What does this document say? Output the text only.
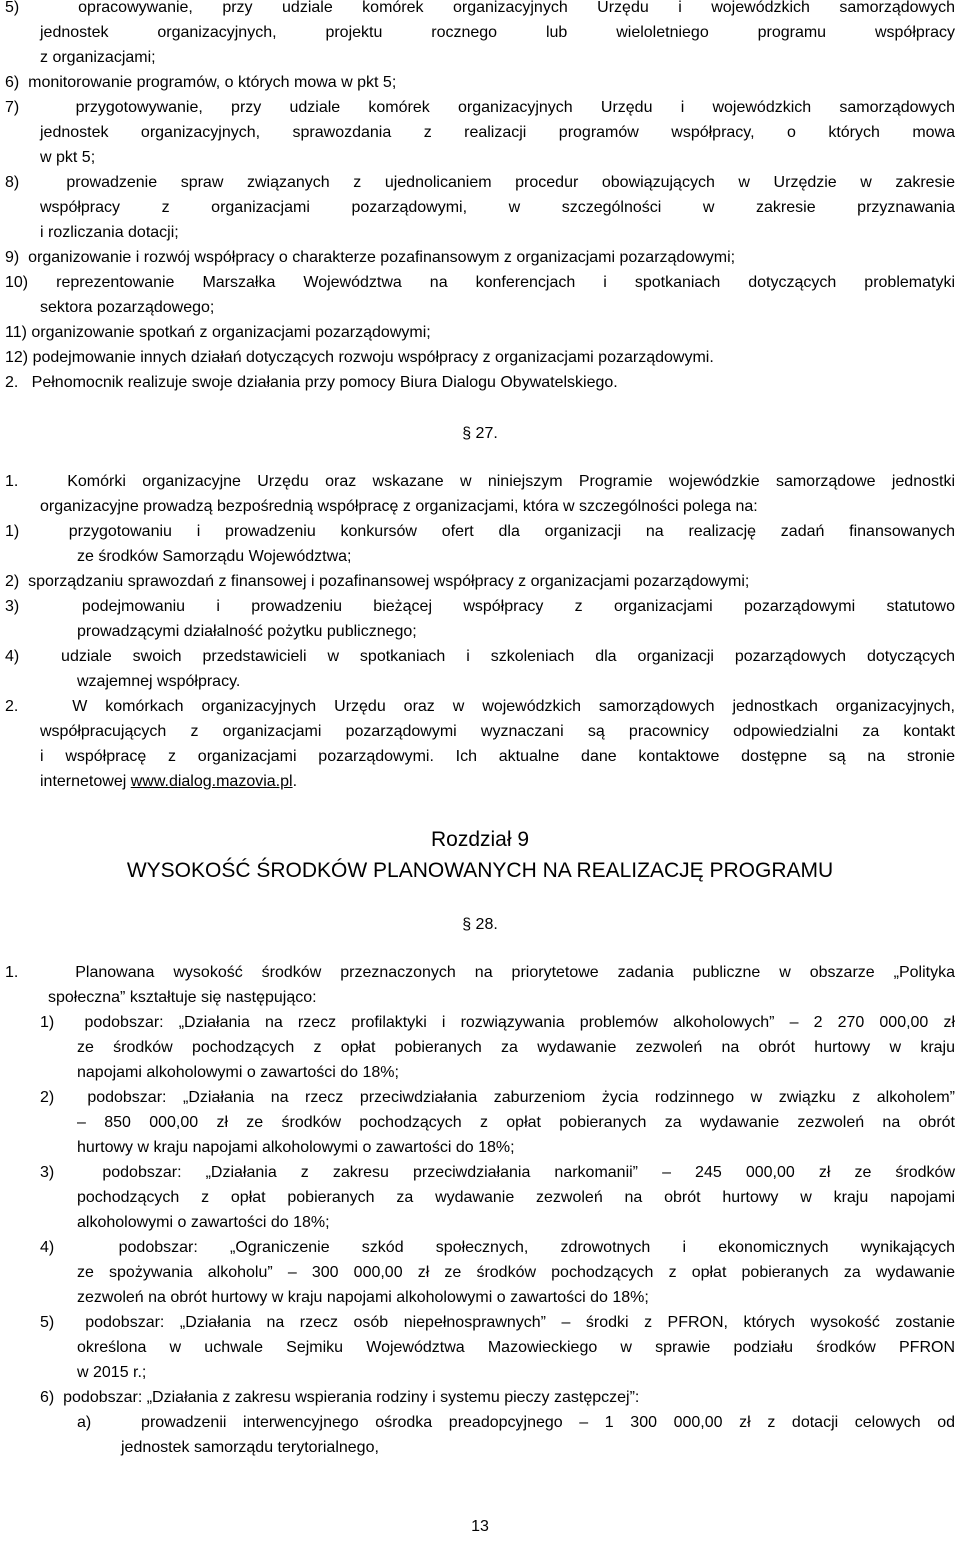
5)  opracowywanie, przy udziale komórek organizacyjnych Urzędu i wojewódzkich samorządowych
jednostek organizacyjnych, projektu rocznego lub wieloletniego programu współpracy
z organizacjami;
6)  monitorowanie programów, o których mowa w pkt 5;
7)  przygotowywanie, przy udziale komórek organizacyjnych Urzędu i wojewódzkich samorządowych
jednostek organizacyjnych, sprawozdania z realizacji programów współpracy, o których mowa
w pkt 5;
8)  prowadzenie spraw związanych z ujednolicaniem procedur obowiązujących w Urzędzie w zakresie
współpracy z organizacjami pozarządowymi, w szczególności w zakresie przyznawania
i rozliczania dotacji;
9)  organizowanie i rozwój współpracy o charakterze pozafinansowym z organizacjami pozarządowymi;
10) reprezentowanie Marszałka Województwa na konferencjach i spotkaniach dotyczących problematyki
sektora pozarządowego;
11) organizowanie spotkań z organizacjami pozarządowymi;
12) podejmowanie innych działań dotyczących rozwoju współpracy z organizacjami pozarządowymi.
2.   Pełnomocnik realizuje swoje działania przy pomocy Biura Dialogu Obywatelskiego.
§ 27.
1.   Komórki organizacyjne Urzędu oraz wskazane w niniejszym Programie wojewódzkie samorządowe jednostki
organizacyjne prowadzą bezpośrednią współpracę z organizacjami, która w szczególności polega na:
1)  przygotowaniu i prowadzeniu konkursów ofert dla organizacji na realizację zadań finansowanych
ze środków Samorządu Województwa;
2)  sporządzaniu sprawozdań z finansowej i pozafinansowej współpracy z organizacjami pozarządowymi;
3)  podejmowaniu i prowadzeniu bieżącej współpracy z organizacjami pozarządowymi statutowo
prowadzącymi działalność pożytku publicznego;
4)  udziale swoich przedstawicieli w spotkaniach i szkoleniach dla organizacji pozarządowych dotyczących
wzajemnej współpracy.
2.   W komórkach organizacyjnych Urzędu oraz w wojewódzkich samorządowych jednostkach organizacyjnych,
współpracujących z organizacjami pozarządowymi wyznaczani są pracownicy odpowiedzialni za kontakt
i współpracę z organizacjami pozarządowymi. Ich aktualne dane kontaktowe dostępne są na stronie
internetowej www.dialog.mazovia.pl.
Rozdział 9
WYSOKOŚĆ ŚRODKÓW PLANOWANYCH NA REALIZACJĘ PROGRAMU
§ 28.
1.   Planowana wysokość środków przeznaczonych na priorytetowe zadania publiczne w obszarze „Polityka
społeczna” kształtuje się następująco:
1)  podobszar: „Działania na rzecz profilaktyki i rozwiązywania problemów alkoholowych” – 2 270 000,00 zł
ze środków pochodzących z opłat pobieranych za wydawanie zezwoleń na obrót hurtowy w kraju
napojami alkoholowymi o zawartości do 18%;
2)  podobszar: „Działania na rzecz przeciwdziałania zaburzeniom życia rodzinnego w związku z alkoholem”
– 850 000,00 zł ze środków pochodzących z opłat pobieranych za wydawanie zezwoleń na obrót
hurtowy w kraju napojami alkoholowymi o zawartości do 18%;
3)  podobszar: „Działania z zakresu przeciwdziałania narkomanii” – 245 000,00 zł ze środków
pochodzących z opłat pobieranych za wydawanie zezwoleń na obrót hurtowy w kraju napojami
alkoholowymi o zawartości do 18%;
4)  podobszar: „Ograniczenie szkód społecznych, zdrowotnych i ekonomicznych wynikających
ze spożywania alkoholu” – 300 000,00 zł ze środków pochodzących z opłat pobieranych za wydawanie
zezwoleń na obrót hurtowy w kraju napojami alkoholowymi o zawartości do 18%;
5)  podobszar: „Działania na rzecz osób niepełnosprawnych” – środki z PFRON, których wysokość zostanie
określona w uchwale Sejmiku Województwa Mazowieckiego w sprawie podziału środków PFRON
w 2015 r.;
6)  podobszar: „Działania z zakresu wspierania rodziny i systemu pieczy zastępczej”:
a)   prowadzenii interwencyjnego ośrodka preadopcyjnego – 1 300 000,00 zł z dotacji celowych od
jednostek samorządu terytorialnego,
13
